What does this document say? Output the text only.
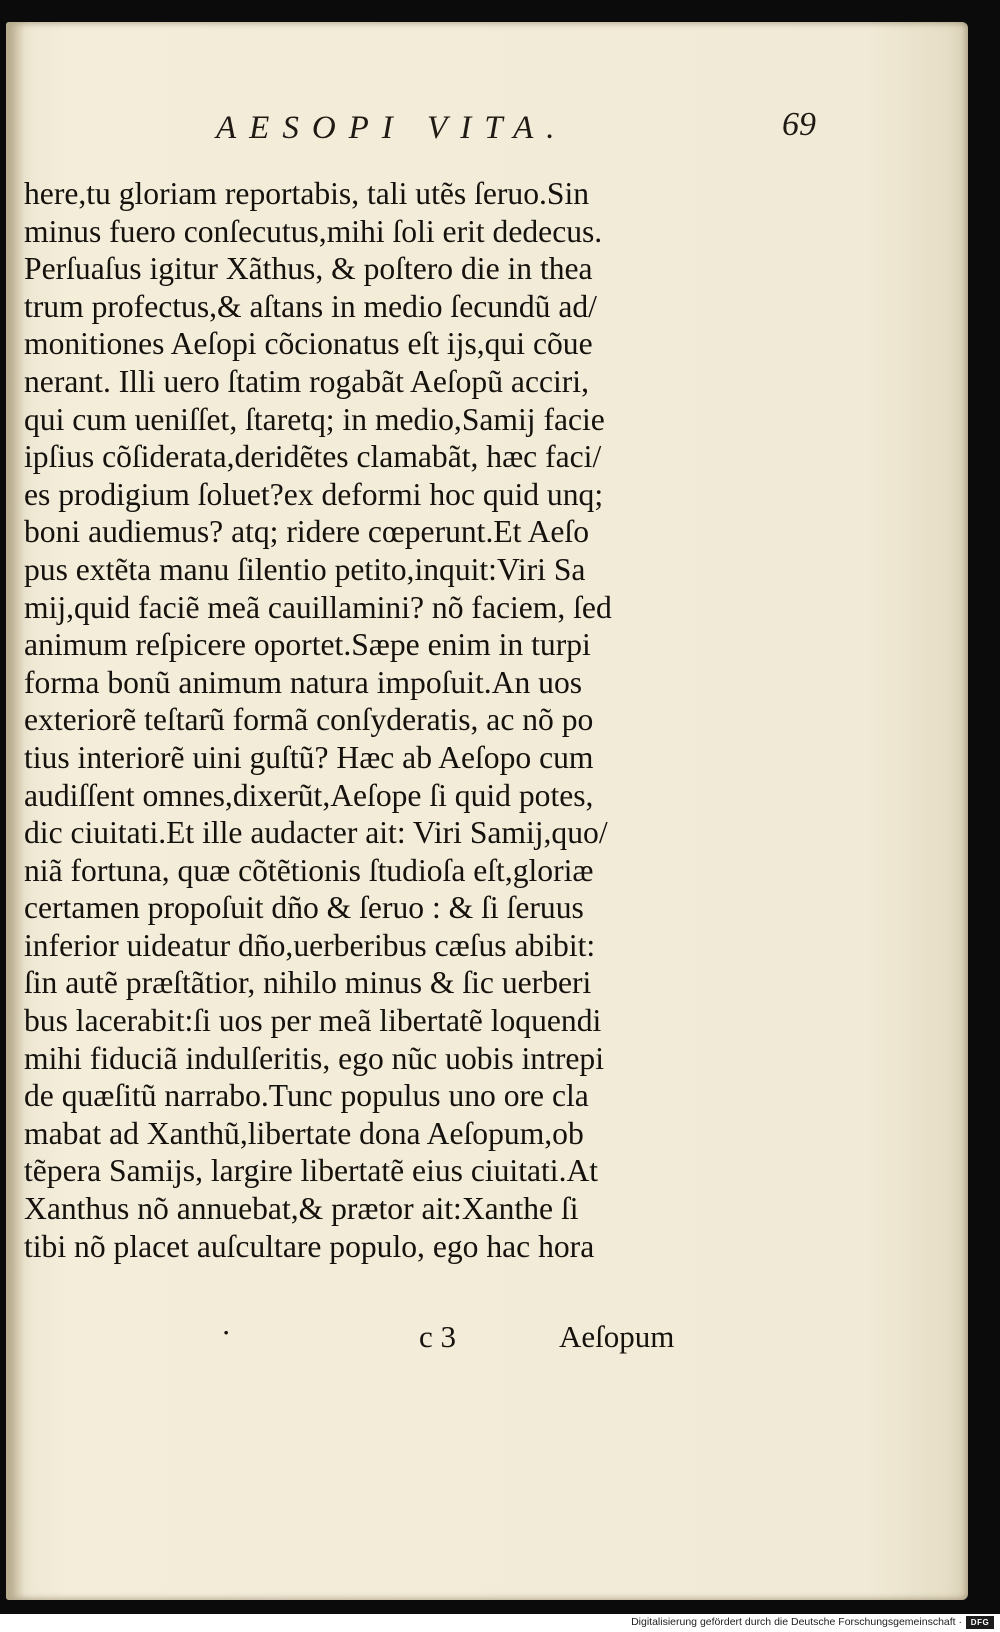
AESOPI VITA.	69
here,tu gloriam reportabis, tali utẽs ſeruo.Sin
minus fuero conſecutus,mihi ſoli erit dedecus.
Perſuaſus igitur Xãthus, & poſtero die in thea
trum profectus,& aſtans in medio ſecundũ ad/
monitiones Aeſopi cõcionatus eſt ijs,qui cõue
nerant. Illi uero ſtatim rogabãt Aeſopũ acciri,
qui cum ueniſſet, ſtaretq; in medio,Samij facie
ipſius cõſiderata,deridẽtes clamabãt, hæc faci/
es prodigium ſoluet?ex deformi hoc quid unq;
boni audiemus? atq; ridere cœperunt.Et Aeſo
pus extẽta manu ſilentio petito,inquit:Viri Sa
mij,quid faciẽ meã cauillamini? nõ faciem, ſed
animum reſpicere oportet.Sæpe enim in turpi
forma bonũ animum natura impoſuit.An uos
exteriorẽ teſtarũ formã conſyderatis, ac nõ po
tius interiorẽ uini guſtũ? Hæc ab Aeſopo cum
audiſſent omnes,dixerũt,Aeſope ſi quid potes,
dic ciuitati.Et ille audacter ait: Viri Samij,quo/
niã fortuna, quæ cõtẽtionis ſtudioſa eſt,gloriæ
certamen propoſuit dño & ſeruo : & ſi ſeruus
inferior uideatur dño,uerberibus cæſus abibit:
ſin autẽ præſtãtior, nihilo minus & ſic uerberi
bus lacerabit:ſi uos per meã libertatẽ loquendi
mihi fiduciã indulſeritis, ego nũc uobis intrepi
de quæſitũ narrabo.Tunc populus uno ore cla
mabat ad Xanthũ,libertate dona Aeſopum,ob
tẽpera Samijs, largire libertatẽ eius ciuitati.At
Xanthus nõ annuebat,& prætor ait:Xanthe ſi
tibi nõ placet auſcultare populo, ego hac hora
·	c 3	Aeſopum
Digitalisierung gefördert durch die Deutsche Forschungsgemeinschaft ·	DFG
